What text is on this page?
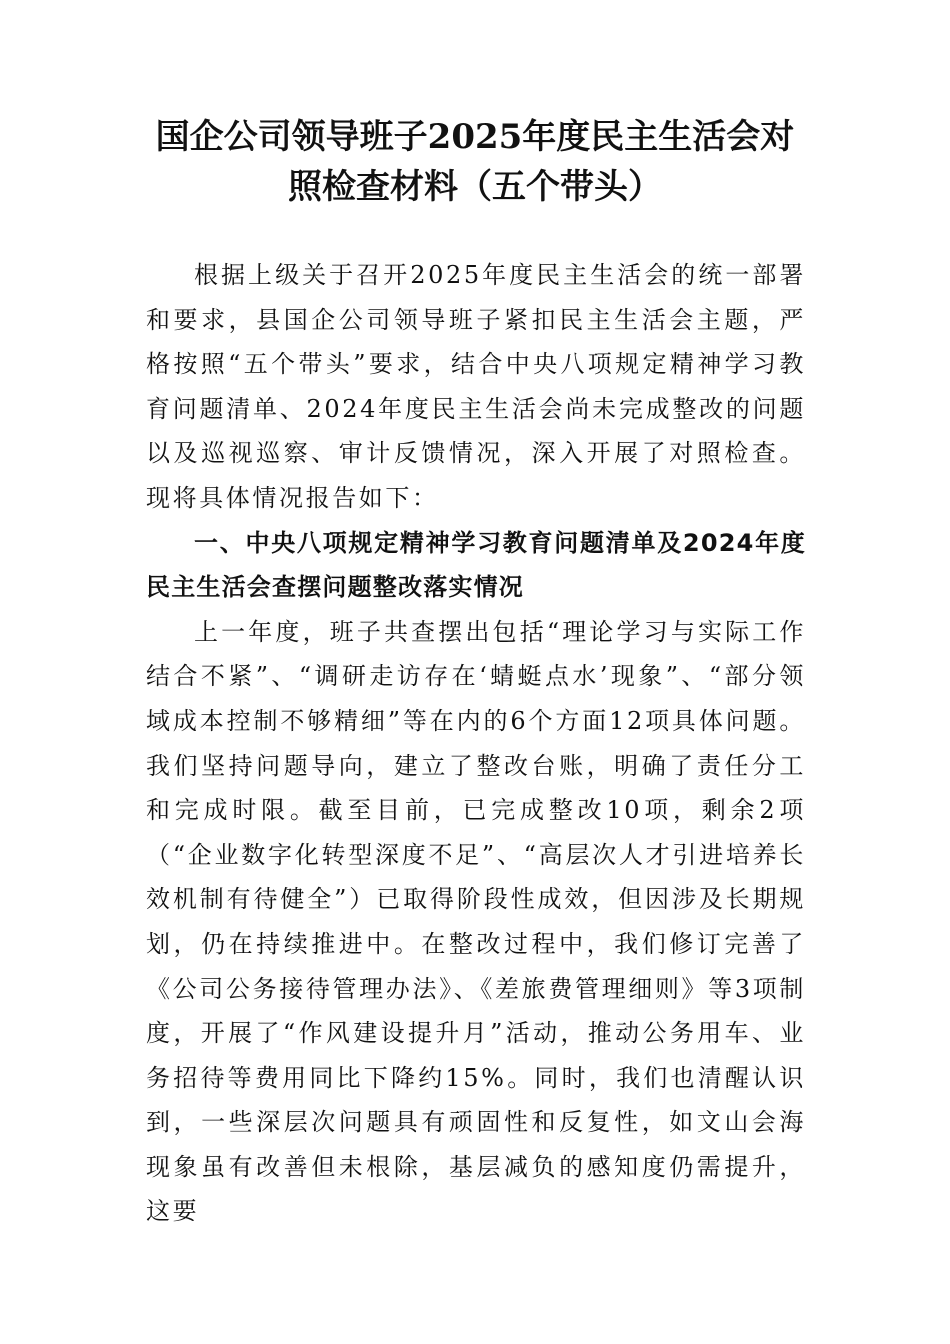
国企公司领导班子2025年度民主生活会对照检查材料（五个带头）

根据上级关于召开2025年度民主生活会的统一部署和要求，县国企公司领导班子紧扣民主生活会主题，严格按照“五个带头”要求，结合中央八项规定精神学习教育问题清单、2024年度民主生活会尚未完成整改的问题以及巡视巡察、审计反馈情况，深入开展了对照检查。现将具体情况报告如下：

一、中央八项规定精神学习教育问题清单及2024年度民主生活会查摆问题整改落实情况

上一年度，班子共查摆出包括“理论学习与实际工作结合不紧”、“调研走访存在‘蜻蜓点水’现象”、“部分领域成本控制不够精细”等在内的6个方面12项具体问题。我们坚持问题导向，建立了整改台账，明确了责任分工和完成时限。截至目前，已完成整改10项，剩余2项（“企业数字化转型深度不足”、“高层次人才引进培养长效机制有待健全”）已取得阶段性成效，但因涉及长期规划，仍在持续推进中。在整改过程中，我们修订完善了《公司公务接待管理办法》、《差旅费管理细则》等3项制度，开展了“作风建设提升月”活动，推动公务用车、业务招待等费用同比下降约15%。同时，我们也清醒认识到，一些深层次问题具有顽固性和反复性，如文山会海现象虽有改善但未根除，基层减负的感知度仍需提升，这要
